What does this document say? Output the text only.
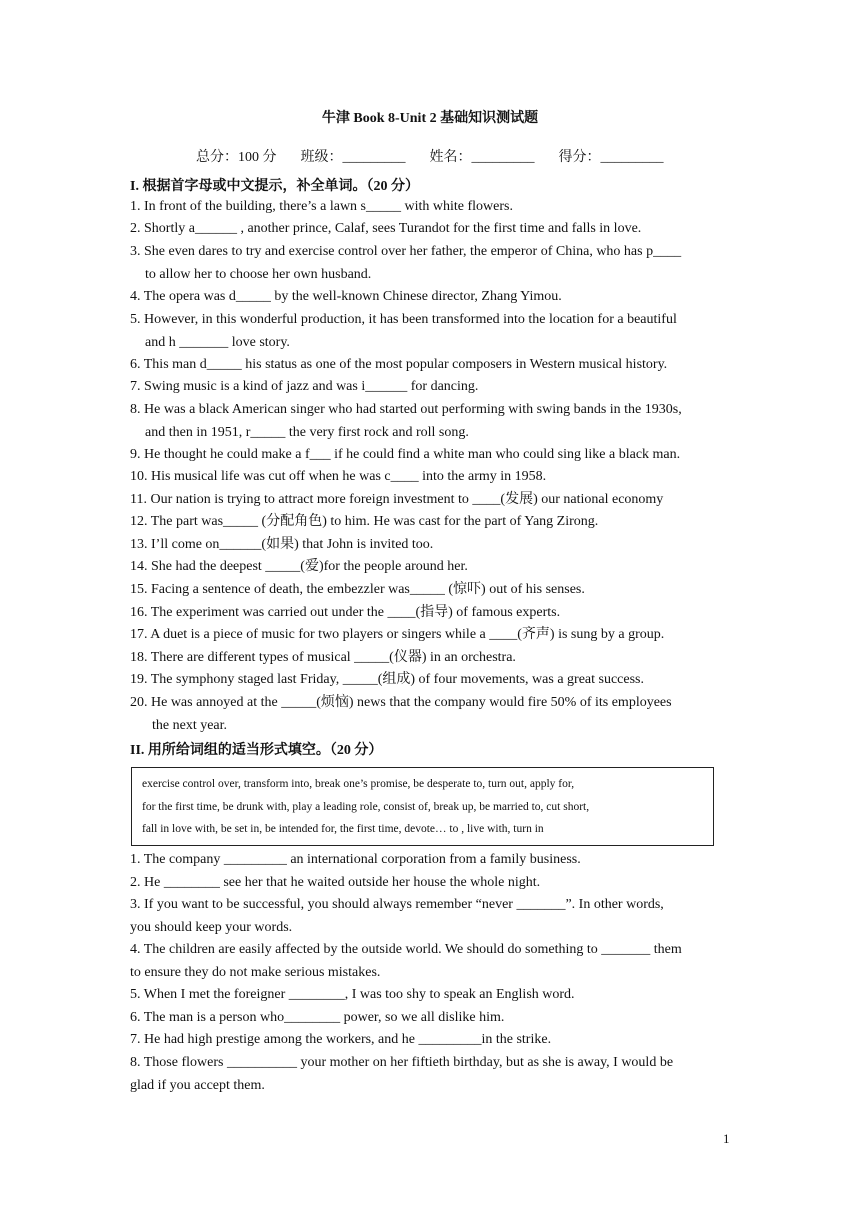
牛津 Book 8-Unit 2 基础知识测试题

总分：100 分 班级：_________ 姓名：_________ 得分：_________

I. 根据首字母或中文提示，补全单词。（20 分）
1. In front of the building, there’s a lawn s_____ with white flowers.
2. Shortly a______ , another prince, Calaf, sees Turandot for the first time and falls in love.
3. She even dares to try and exercise control over her father, the emperor of China, who has p____
to allow her to choose her own husband.
4. The opera was d_____ by the well-known Chinese director, Zhang Yimou.
5. However, in this wonderful production, it has been transformed into the location for a beautiful
and h _______ love story.
6. This man d_____ his status as one of the most popular composers in Western musical history.
7. Swing music is a kind of jazz and was i______ for dancing.
8. He was a black American singer who had started out performing with swing bands in the 1930s,
and then in 1951, r_____ the very first rock and roll song.
9. He thought he could make a f___ if he could find a white man who could sing like a black man.
10. His musical life was cut off when he was c____ into the army in 1958.
11. Our nation is trying to attract more foreign investment to ____(发展) our national economy
12. The part was_____ (分配角色) to him. He was cast for the part of Yang Zirong.
13. I’ll come on______(如果) that John is invited too.
14. She had the deepest _____(爱)for the people around her.
15. Facing a sentence of death, the embezzler was_____ (惊吓) out of his senses.
16. The experiment was carried out under the ____(指导) of famous experts.
17. A duet is a piece of music for two players or singers while a ____(齐声) is sung by a group.
18. There are different types of musical _____(仪器) in an orchestra.
19. The symphony staged last Friday, _____(组成) of four movements, was a great success.
20. He was annoyed at the _____(烦恼) news that the company would fire 50% of its employees
the next year.
II. 用所给词组的适当形式填空。（20 分）
exercise control over, transform into, break one’s promise, be desperate to, turn out, apply for,
for the first time, be drunk with, play a leading role, consist of, break up, be married to, cut short,
fall in love with, be set in, be intended for, the first time, devote… to , live with, turn in
1. The company _________ an international corporation from a family business.
2. He ________ see her that he waited outside her house the whole night.
3. If you want to be successful, you should always remember “never _______”. In other words,
you should keep your words.
4. The children are easily affected by the outside world. We should do something to _______ them
to ensure they do not make serious mistakes.
5. When I met the foreigner ________, I was too shy to speak an English word.
6. The man is a person who________ power, so we all dislike him.
7. He had high prestige among the workers, and he _________in the strike.
8. Those flowers __________ your mother on her fiftieth birthday, but as she is away, I would be
glad if you accept them.
1
